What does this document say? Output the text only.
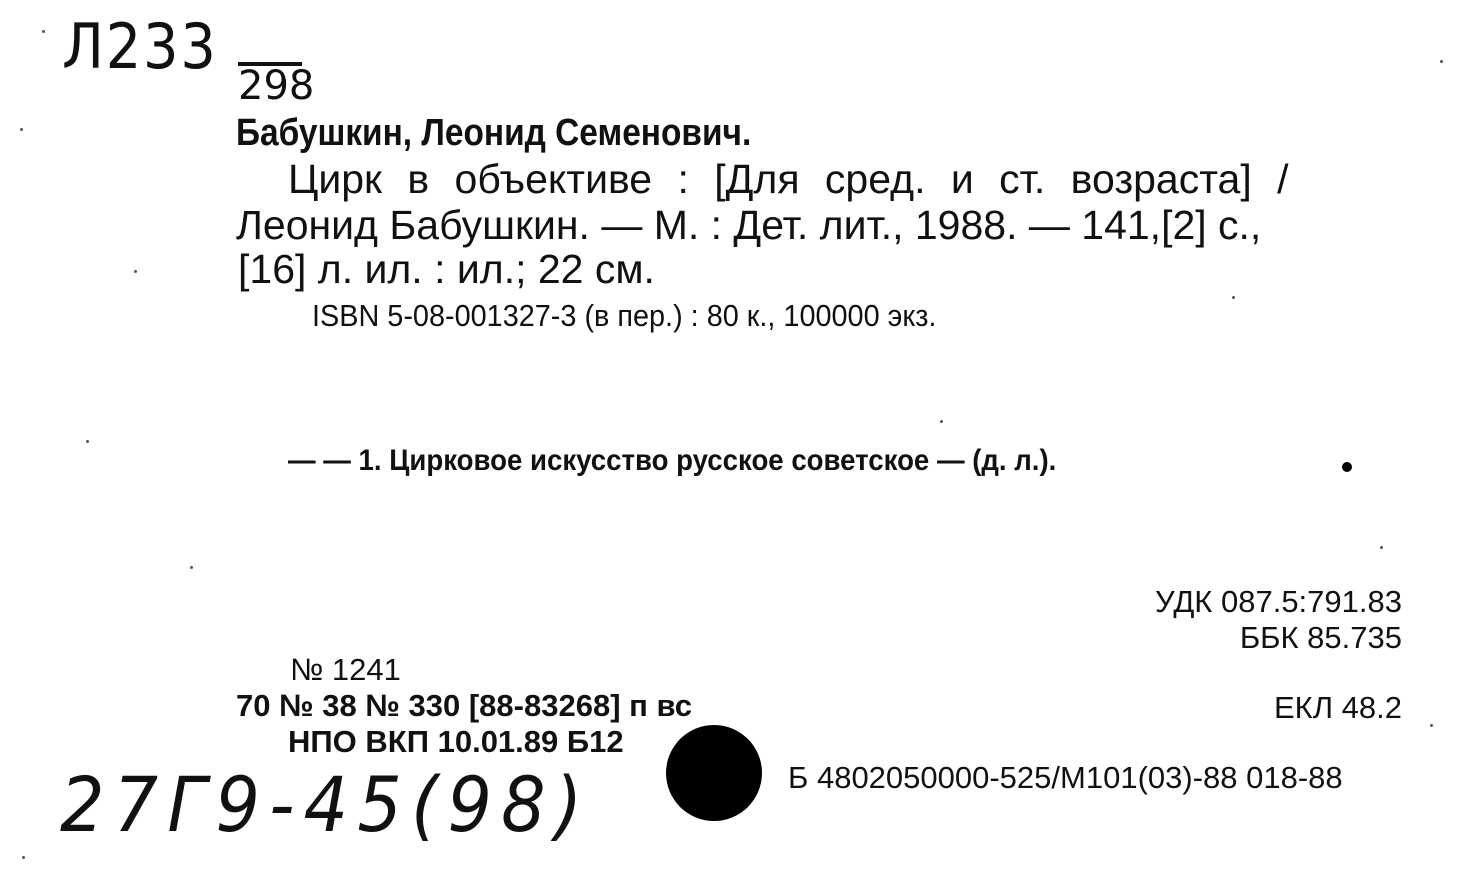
Л233
298
Бабушкин, Леонид Семенович.
Цирк в объективе : [Для сред. и ст. возраста] /
Леонид Бабушкин. — М. : Дет. лит., 1988. — 141,[2] с.,
[16] л. ил. : ил.; 22 см.
ISBN 5-08-001327-3 (в пер.) : 80 к., 100000 экз.
— — 1. Цирковое искусство русское советское — (д. л.).
УДК 087.5:791.83
ББК 85.735
ЕКЛ 48.2
№ 1241
70 № 38 № 330 [88-83268] п вс
НПО ВКП 10.01.89 Б12
Б 4802050000-525/М101(03)-88 018-88
27Г9-45(98)
